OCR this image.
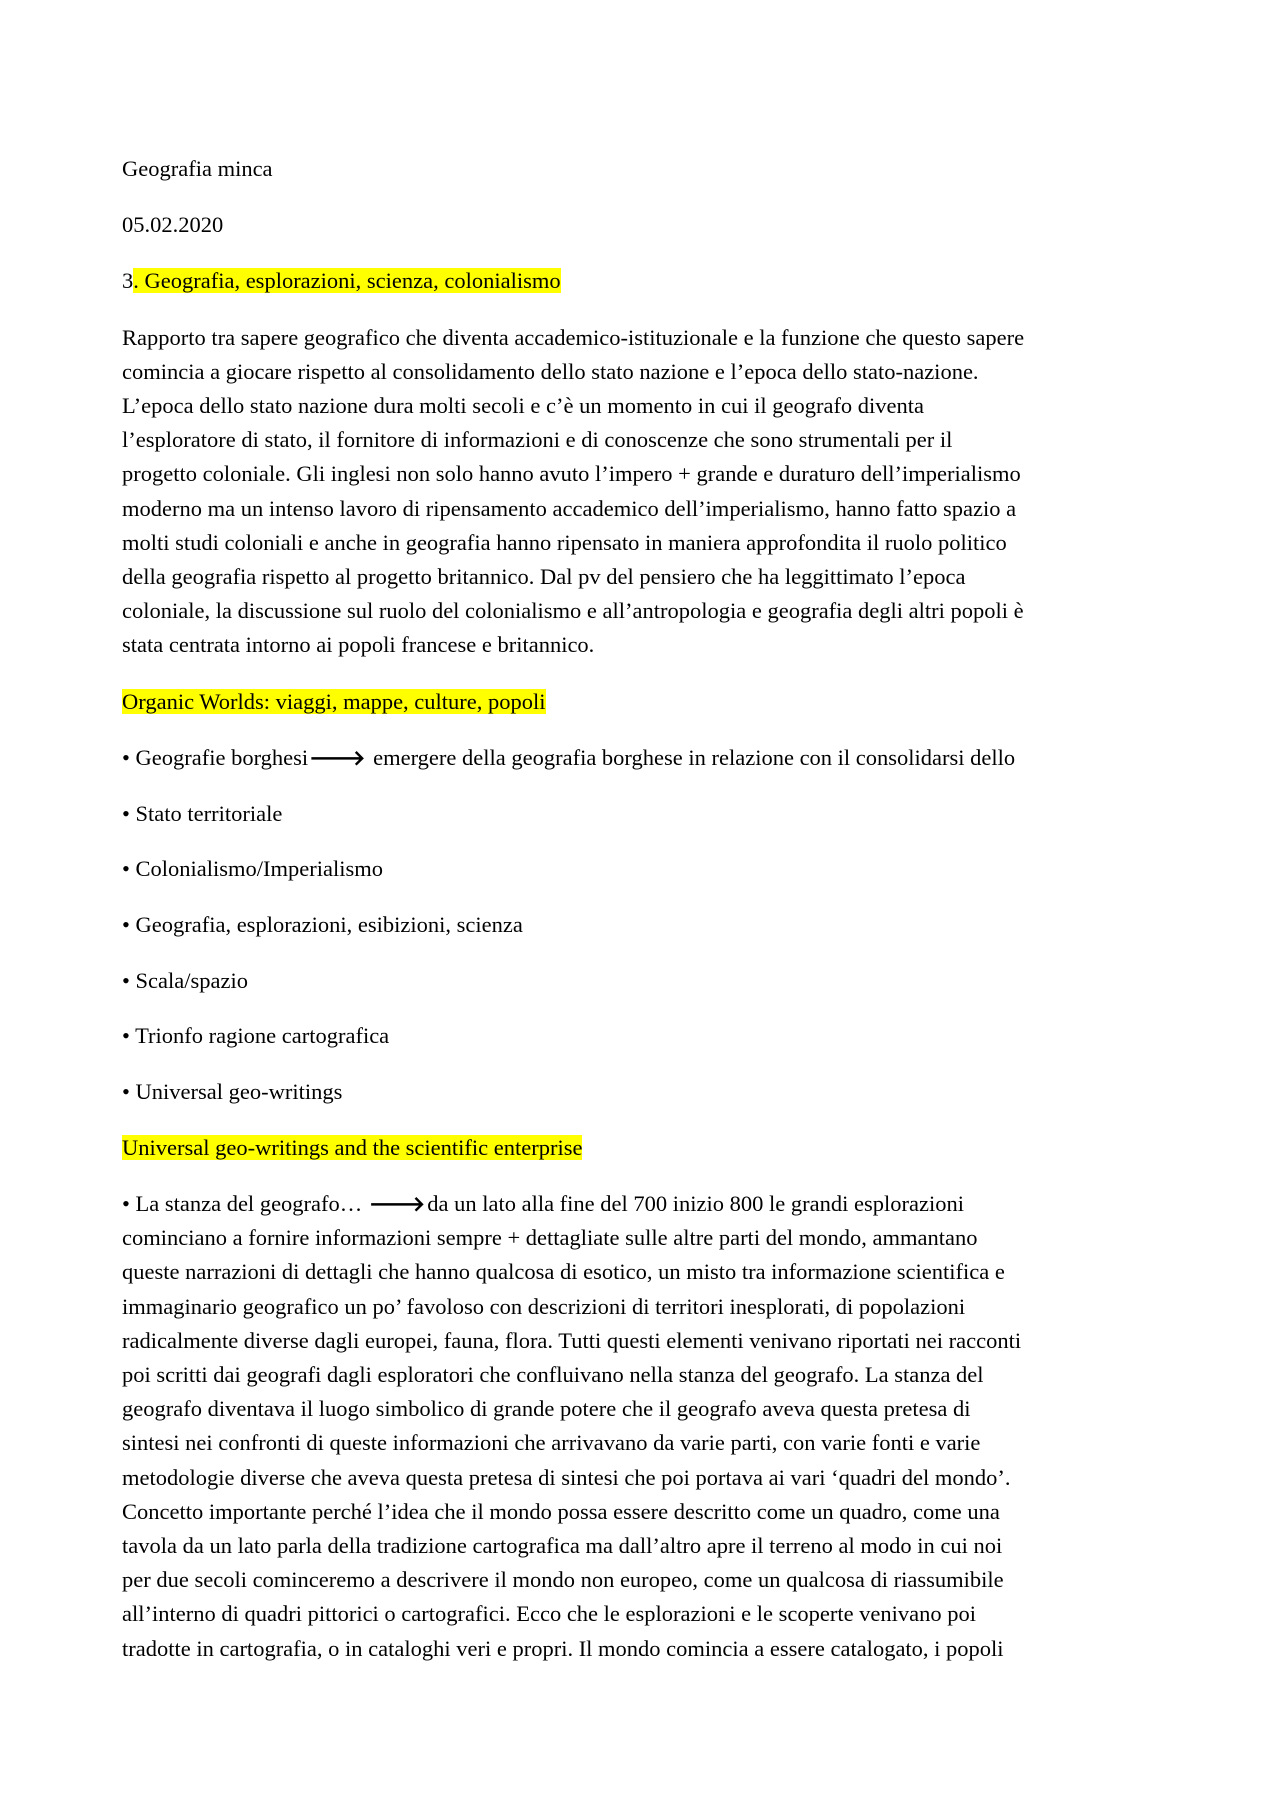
Geografia minca

05.02.2020

3. Geografia, esplorazioni, scienza, colonialismo

Rapporto tra sapere geografico che diventa accademico-istituzionale e la funzione che questo sapere
comincia a giocare rispetto al consolidamento dello stato nazione e l’epoca dello stato-nazione.
L’epoca dello stato nazione dura molti secoli e c’è un momento in cui il geografo diventa
l’esploratore di stato, il fornitore di informazioni e di conoscenze che sono strumentali per il
progetto coloniale. Gli inglesi non solo hanno avuto l’impero + grande e duraturo dell’imperialismo
moderno ma un intenso lavoro di ripensamento accademico dell’imperialismo, hanno fatto spazio a
molti studi coloniali e anche in geografia hanno ripensato in maniera approfondita il ruolo politico
della geografia rispetto al progetto britannico. Dal pv del pensiero che ha leggittimato l’epoca
coloniale, la discussione sul ruolo del colonialismo e all’antropologia e geografia degli altri popoli è
stata centrata intorno ai popoli francese e britannico.

Organic Worlds: viaggi, mappe, culture, popoli

• Geografie borghesi🡒 emergere della geografia borghese in relazione con il consolidarsi dello

• Stato territoriale

• Colonialismo/Imperialismo

• Geografia, esplorazioni, esibizioni, scienza

• Scala/spazio

• Trionfo ragione cartografica

• Universal geo-writings

Universal geo-writings and the scientific enterprise

• La stanza del geografo… 🡒da un lato alla fine del 700 inizio 800 le grandi esplorazioni
cominciano a fornire informazioni sempre + dettagliate sulle altre parti del mondo, ammantano
queste narrazioni di dettagli che hanno qualcosa di esotico, un misto tra informazione scientifica e
immaginario geografico un po’ favoloso con descrizioni di territori inesplorati, di popolazioni
radicalmente diverse dagli europei, fauna, flora. Tutti questi elementi venivano riportati nei racconti
poi scritti dai geografi dagli esploratori che confluivano nella stanza del geografo. La stanza del
geografo diventava il luogo simbolico di grande potere che il geografo aveva questa pretesa di
sintesi nei confronti di queste informazioni che arrivavano da varie parti, con varie fonti e varie
metodologie diverse che aveva questa pretesa di sintesi che poi portava ai vari ‘quadri del mondo’.
Concetto importante perché l’idea che il mondo possa essere descritto come un quadro, come una
tavola da un lato parla della tradizione cartografica ma dall’altro apre il terreno al modo in cui noi
per due secoli cominceremo a descrivere il mondo non europeo, come un qualcosa di riassumibile
all’interno di quadri pittorici o cartografici. Ecco che le esplorazioni e le scoperte venivano poi
tradotte in cartografia, o in cataloghi veri e propri. Il mondo comincia a essere catalogato, i popoli
